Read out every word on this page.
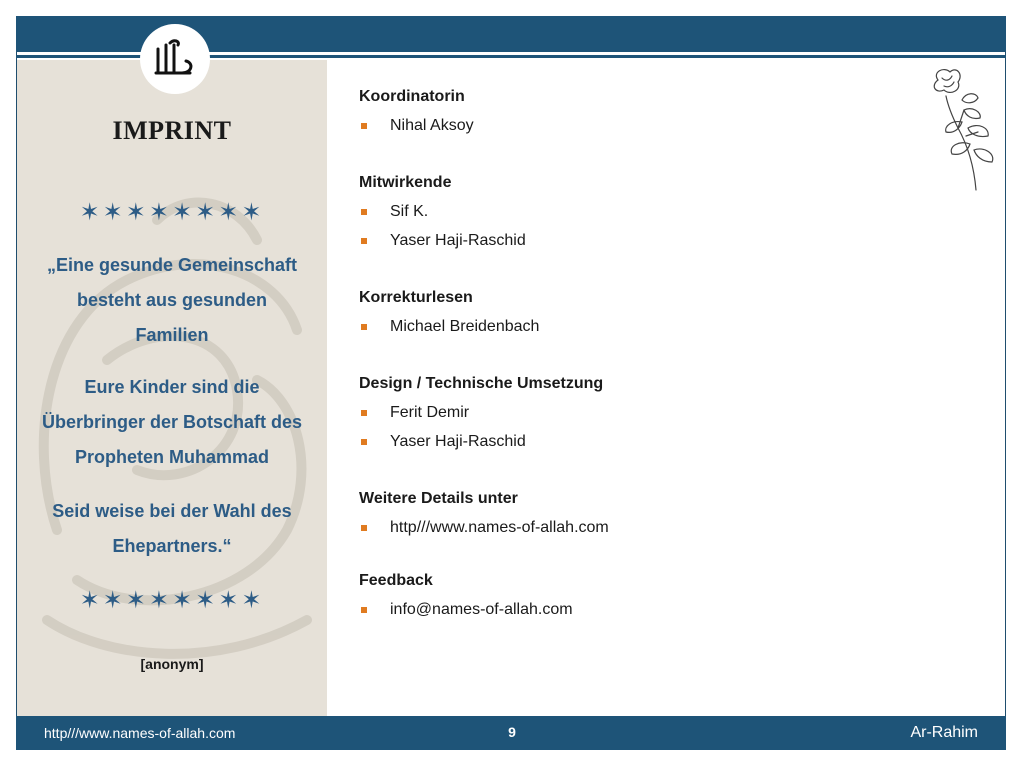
IMPRINT
✶✶✶✶✶✶✶✶
„Eine gesunde Gemeinschaft
besteht aus gesunden
Familien
Eure Kinder sind die
Überbringer der Botschaft des
Propheten Muhammad
Seid weise bei der Wahl des
Ehepartners.“
✶✶✶✶✶✶✶✶
[anonym]
Koordinatorin
Nihal Aksoy
Mitwirkende
Sif K.
Yaser Haji-Raschid
Korrekturlesen
Michael Breidenbach
Design / Technische Umsetzung
Ferit Demir
Yaser Haji-Raschid
Weitere Details unter
http///www.names-of-allah.com
Feedback
info@names-of-allah.com
http///www.names-of-allah.com	9	Ar-Rahim
